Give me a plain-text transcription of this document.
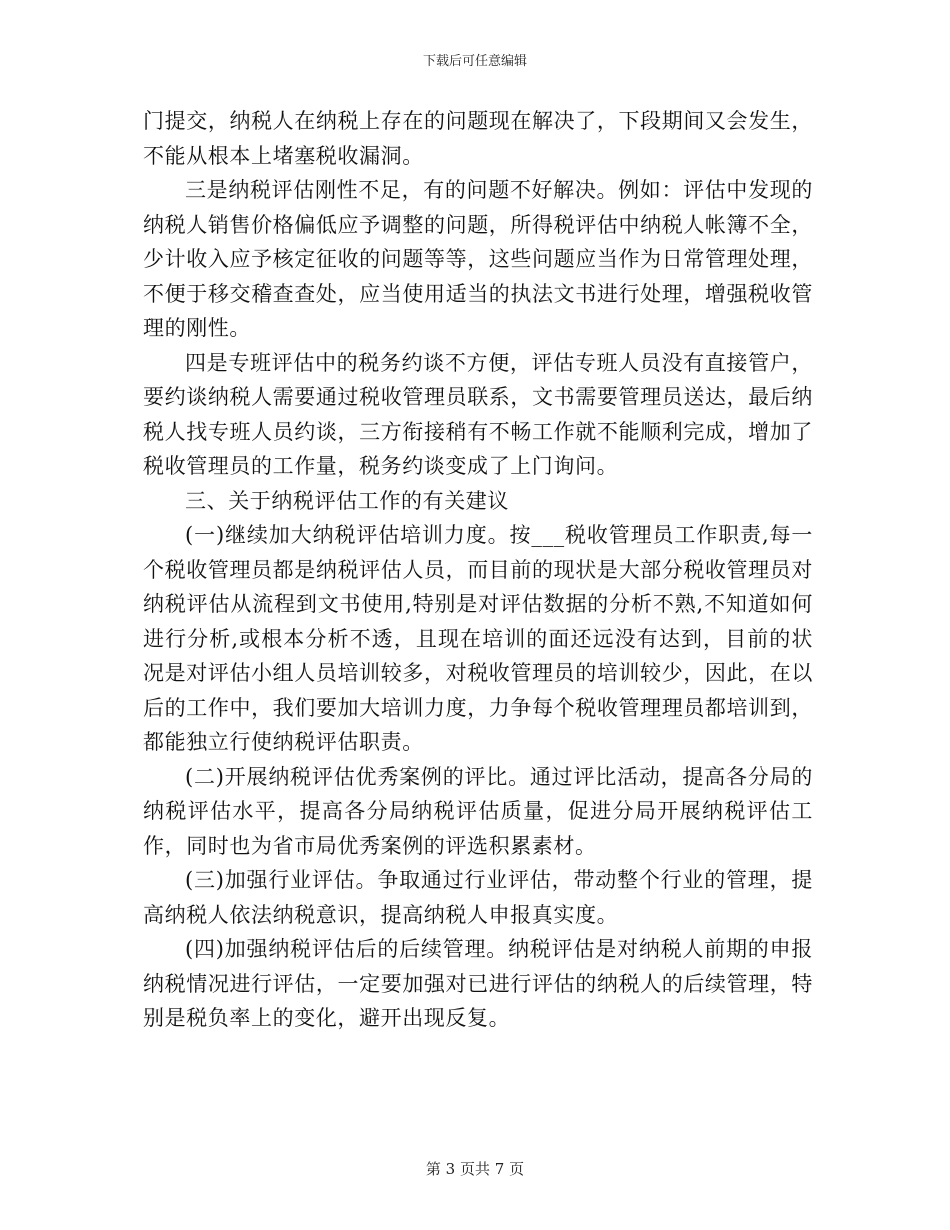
下载后可任意编辑

门提交，纳税人在纳税上存在的问题现在解决了，下段期间又会发生，不能从根本上堵塞税收漏洞。

三是纳税评估刚性不足，有的问题不好解决。例如：评估中发现的纳税人销售价格偏低应予调整的问题，所得税评估中纳税人帐簿不全，少计收入应予核定征收的问题等等，这些问题应当作为日常管理处理，不便于移交稽查查处，应当使用适当的执法文书进行处理，增强税收管理的刚性。

四是专班评估中的税务约谈不方便，评估专班人员没有直接管户，要约谈纳税人需要通过税收管理员联系，文书需要管理员送达，最后纳税人找专班人员约谈，三方衔接稍有不畅工作就不能顺利完成，增加了税收管理员的工作量，税务约谈变成了上门询问。

三、关于纳税评估工作的有关建议

(一)继续加大纳税评估培训力度。按___税收管理员工作职责,每一个税收管理员都是纳税评估人员，而目前的现状是大部分税收管理员对纳税评估从流程到文书使用,特别是对评估数据的分析不熟,不知道如何进行分析,或根本分析不透，且现在培训的面还远没有达到，目前的状况是对评估小组人员培训较多，对税收管理员的培训较少，因此，在以后的工作中，我们要加大培训力度，力争每个税收管理理员都培训到，都能独立行使纳税评估职责。

(二)开展纳税评估优秀案例的评比。通过评比活动，提高各分局的纳税评估水平，提高各分局纳税评估质量，促进分局开展纳税评估工作，同时也为省市局优秀案例的评选积累素材。

(三)加强行业评估。争取通过行业评估，带动整个行业的管理，提高纳税人依法纳税意识，提高纳税人申报真实度。

(四)加强纳税评估后的后续管理。纳税评估是对纳税人前期的申报纳税情况进行评估，一定要加强对已进行评估的纳税人的后续管理，特别是税负率上的变化，避开出现反复。

第 3 页共 7 页
